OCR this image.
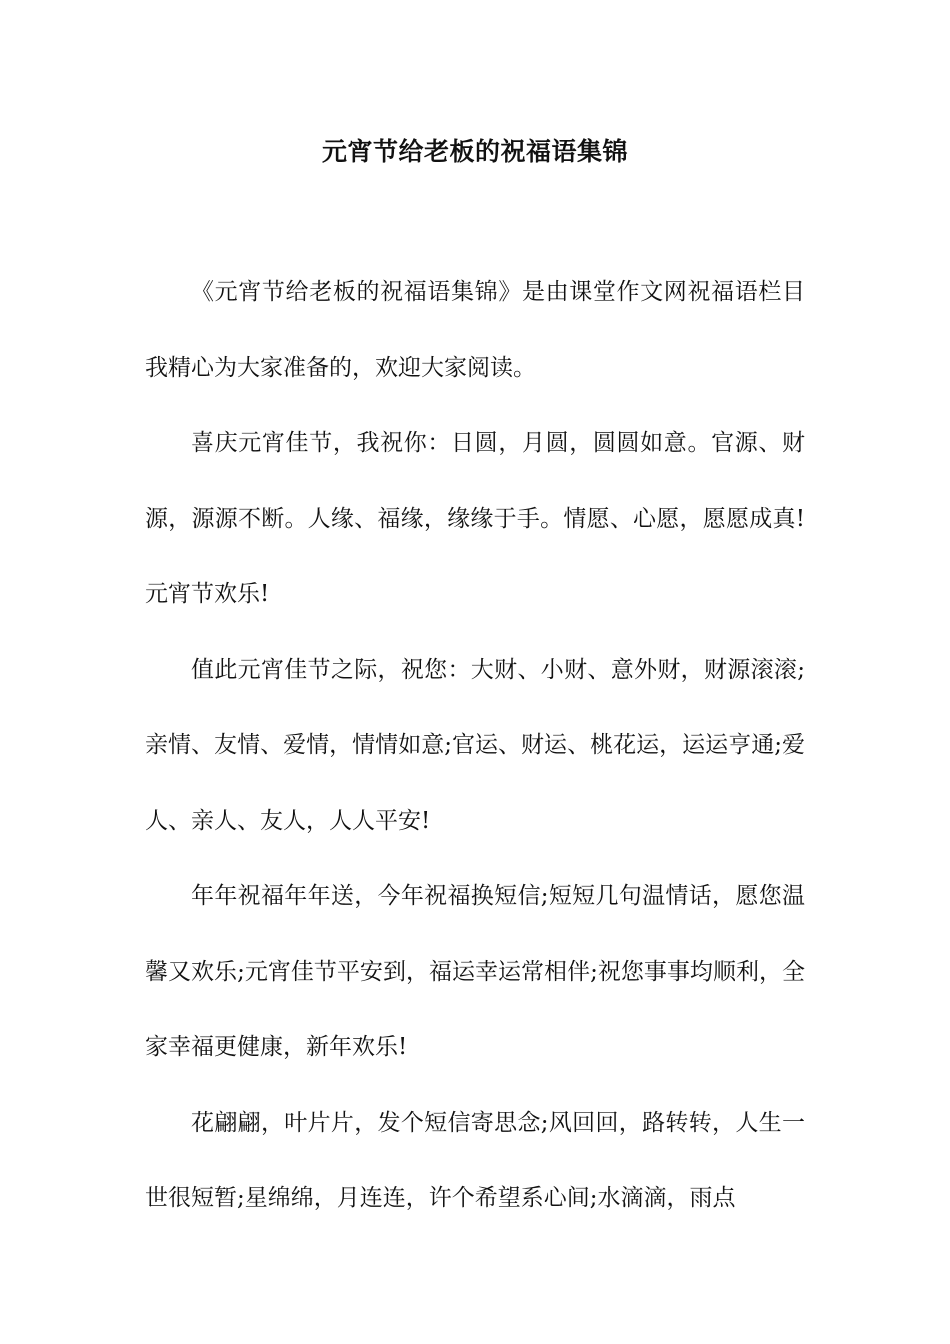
元宵节给老板的祝福语集锦

《元宵节给老板的祝福语集锦》是由课堂作文网祝福语栏目我精心为大家准备的，欢迎大家阅读。

喜庆元宵佳节，我祝你：日圆，月圆，圆圆如意。官源、财源，源源不断。人缘、福缘，缘缘于手。情愿、心愿，愿愿成真!元宵节欢乐!

值此元宵佳节之际，祝您：大财、小财、意外财，财源滚滚;亲情、友情、爱情，情情如意;官运、财运、桃花运，运运亨通;爱人、亲人、友人，人人平安!

年年祝福年年送，今年祝福换短信;短短几句温情话，愿您温馨又欢乐;元宵佳节平安到，福运幸运常相伴;祝您事事均顺利，全家幸福更健康，新年欢乐!

花翩翩，叶片片，发个短信寄思念;风回回，路转转，人生一世很短暂;星绵绵，月连连，许个希望系心间;水滴滴，雨点
